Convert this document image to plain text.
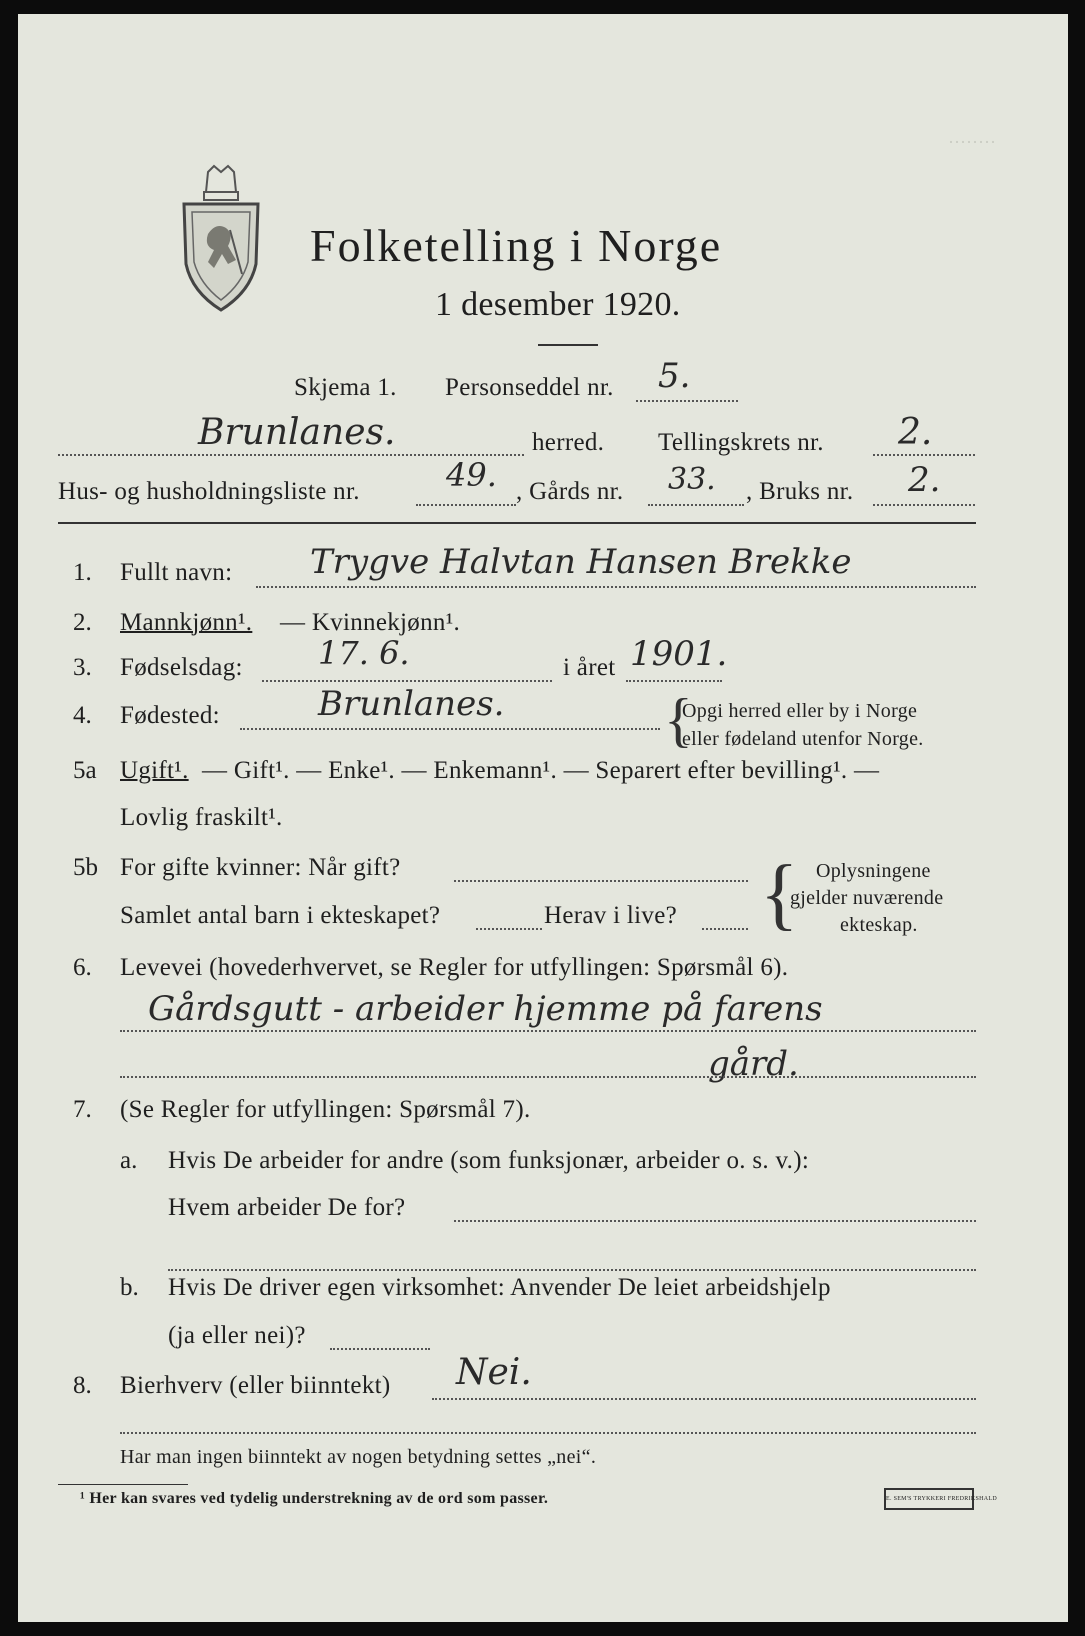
········
Folketelling i Norge
1 desember 1920.
Skjema 1. Personseddel nr. 5.
Brunlanes.	herred. Tellingskrets nr. 2.
Hus- og husholdningsliste nr.	49. , Gårds nr. 33. , Bruks nr. 2.
1. Fullt navn: Trygve Halvtan Hansen Brekke
2. Mannkjønn¹. — Kvinnekjønn¹.
3. Fødselsdag: 17. 6.	i året 1901.
4. Fødested:	Brunlanes.	{
Opgi herred eller by i Norge
eller fødeland utenfor Norge.
5a Ugift¹. — Gift¹. — Enke¹. — Enkemann¹. — Separert efter bevilling¹. —
Lovlig fraskilt¹.
5b For gifte kvinner: Når gift?
Samlet antal barn i ekteskapet?	Herav i live? { Oplysningene
gjelder nuværende
ekteskap.
6. Levevei (hovederhvervet, se Regler for utfyllingen: Spørsmål 6).
Gårdsgutt - arbeider hjemme på farens
gård.
7. (Se Regler for utfyllingen: Spørsmål 7).
a. Hvis De arbeider for andre (som funksjonær, arbeider o. s. v.):
Hvem arbeider De for?
b. Hvis De driver egen virksomhet: Anvender De leiet arbeidshjelp
(ja eller nei)?
8. Bierhverv (eller biinntekt) Nei.
Har man ingen biinntekt av nogen betydning settes „nei“.
¹ Her kan svares ved tydelig understrekning av de ord som passer.	E. SEM'S TRYKKERI FREDRIKSHALD
